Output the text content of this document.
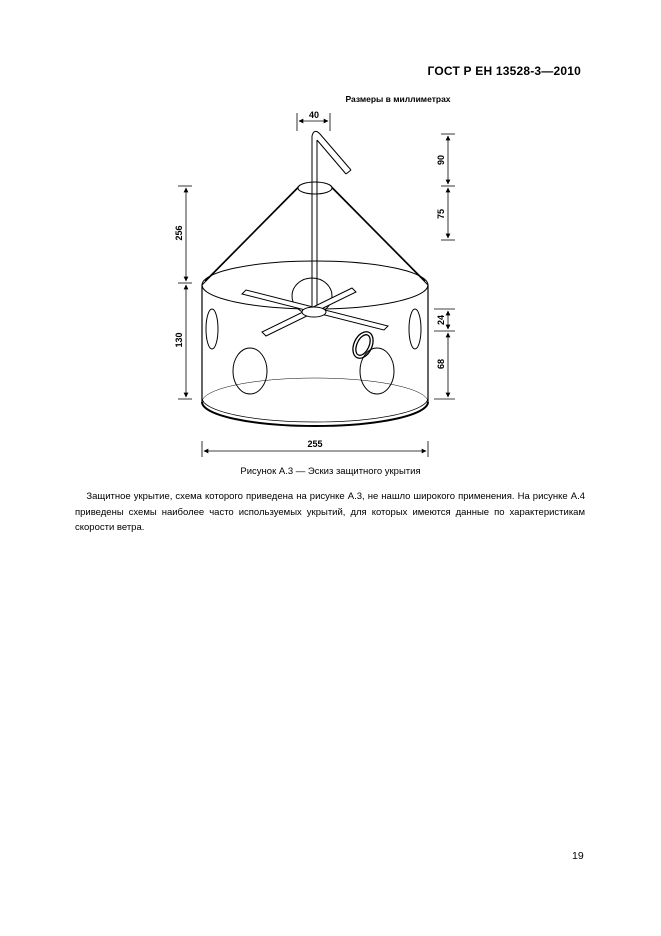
ГОСТ Р ЕН 13528-3—2010
Размеры в миллиметрах
40
256
130
90
75
24
68
255
Рисунок А.3 — Эскиз защитного укрытия
Защитное укрытие, схема которого приведена на рисунке А.3, не нашло широкого применения. На рисунке А.4 приведены схемы наиболее часто используемых укрытий, для которых имеются данные по характеристикам скорости ветра.
19
